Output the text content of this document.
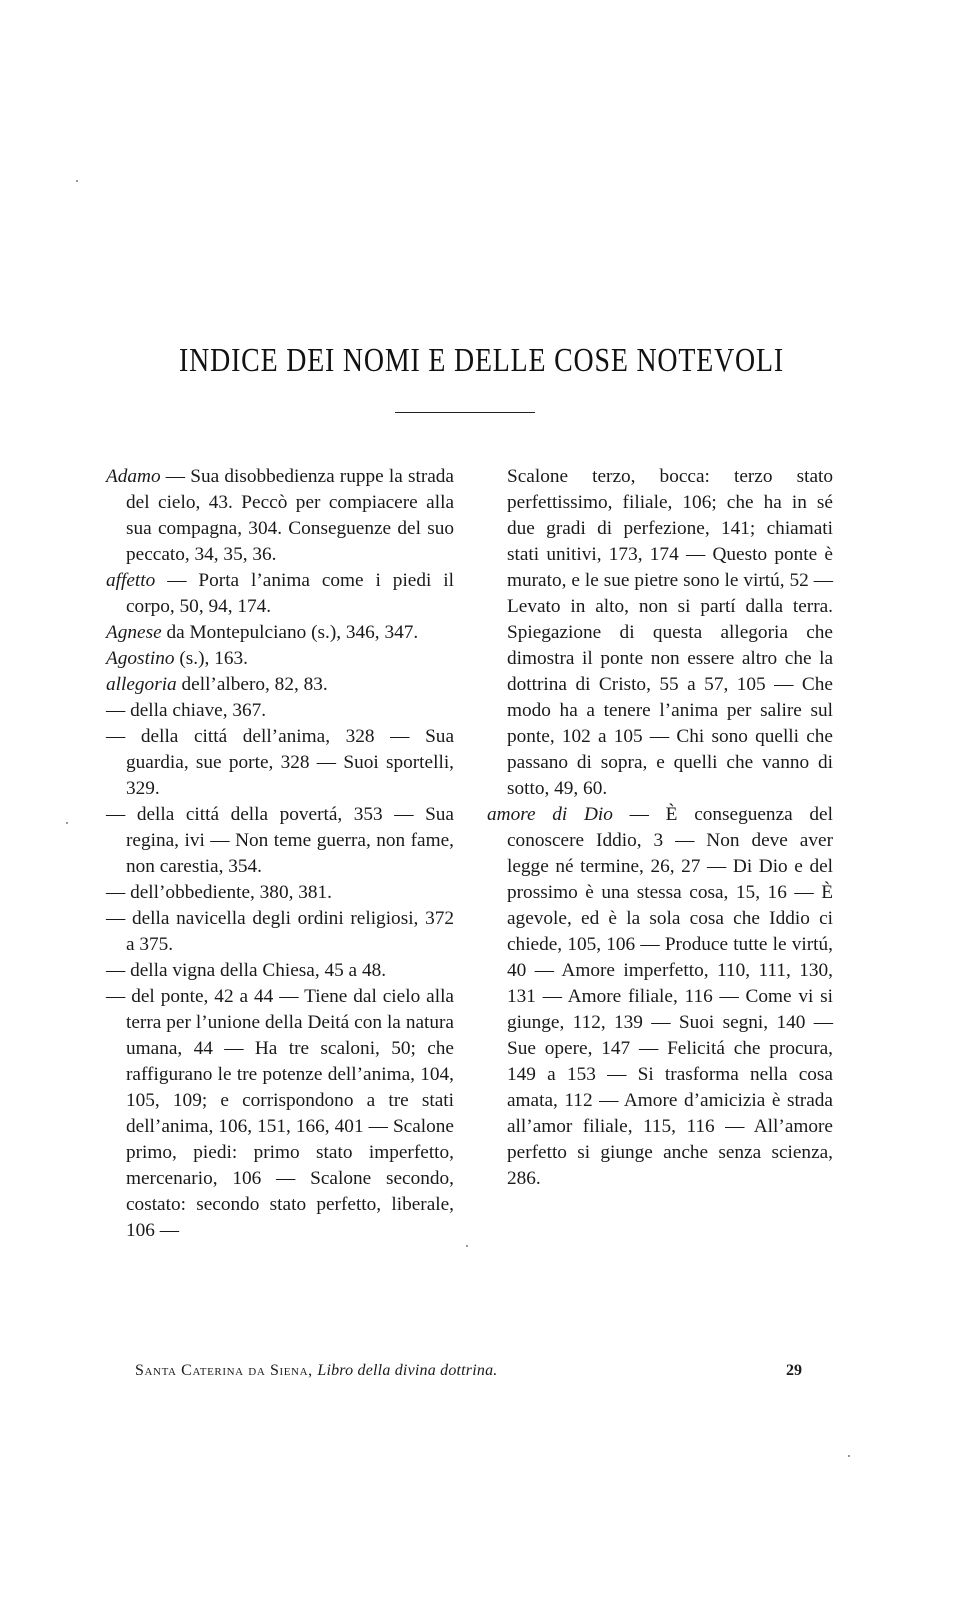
INDICE DEI NOMI E DELLE COSE NOTEVOLI

Adamo — Sua disobbedienza ruppe la strada del cielo, 43. Peccò per compiacere alla sua compagna, 304. Conseguenze del suo peccato, 34, 35, 36.

affetto — Porta l’anima come i piedi il corpo, 50, 94, 174.

Agnese da Montepulciano (s.), 346, 347.

Agostino (s.), 163.

allegoria dell’albero, 82, 83.

— della chiave, 367.

— della cittá dell’anima, 328 — Sua guardia, sue porte, 328 — Suoi sportelli, 329.

— della cittá della povertá, 353 — Sua regina, ivi — Non teme guerra, non fame, non carestia, 354.

— dell’obbediente, 380, 381.

— della navicella degli ordini religiosi, 372 a 375.

— della vigna della Chiesa, 45 a 48.

— del ponte, 42 a 44 — Tiene dal cielo alla terra per l’unione della Deitá con la natura umana, 44 — Ha tre scaloni, 50; che raffigurano le tre potenze dell’anima, 104, 105, 109; e corrispondono a tre stati dell’anima, 106, 151, 166, 401 — Scalone primo, piedi: primo stato imperfetto, mercenario, 106 — Scalone secondo, costato: secondo stato perfetto, liberale, 106 —

Scalone terzo, bocca: terzo stato perfettissimo, filiale, 106; che ha in sé due gradi di perfezione, 141; chiamati stati unitivi, 173, 174 — Questo ponte è murato, e le sue pietre sono le virtú, 52 — Levato in alto, non si partí dalla terra. Spiegazione di questa allegoria che dimostra il ponte non essere altro che la dottrina di Cristo, 55 a 57, 105 — Che modo ha a tenere l’anima per salire sul ponte, 102 a 105 — Chi sono quelli che passano di sopra, e quelli che vanno di sotto, 49, 60.

amore di Dio — È conseguenza del conoscere Iddio, 3 — Non deve aver legge né termine, 26, 27 — Di Dio e del prossimo è una stessa cosa, 15, 16 — È agevole, ed è la sola cosa che Iddio ci chiede, 105, 106 — Produce tutte le virtú, 40 — Amore imperfetto, 110, 111, 130, 131 — Amore filiale, 116 — Come vi si giunge, 112, 139 — Suoi segni, 140 — Sue opere, 147 — Felicitá che procura, 149 a 153 — Si trasforma nella cosa amata, 112 — Amore d’amicizia è strada all’amor filiale, 115, 116 — All’amore perfetto si giunge anche senza scienza, 286.

Santa Caterina da Siena, Libro della divina dottrina.	29
